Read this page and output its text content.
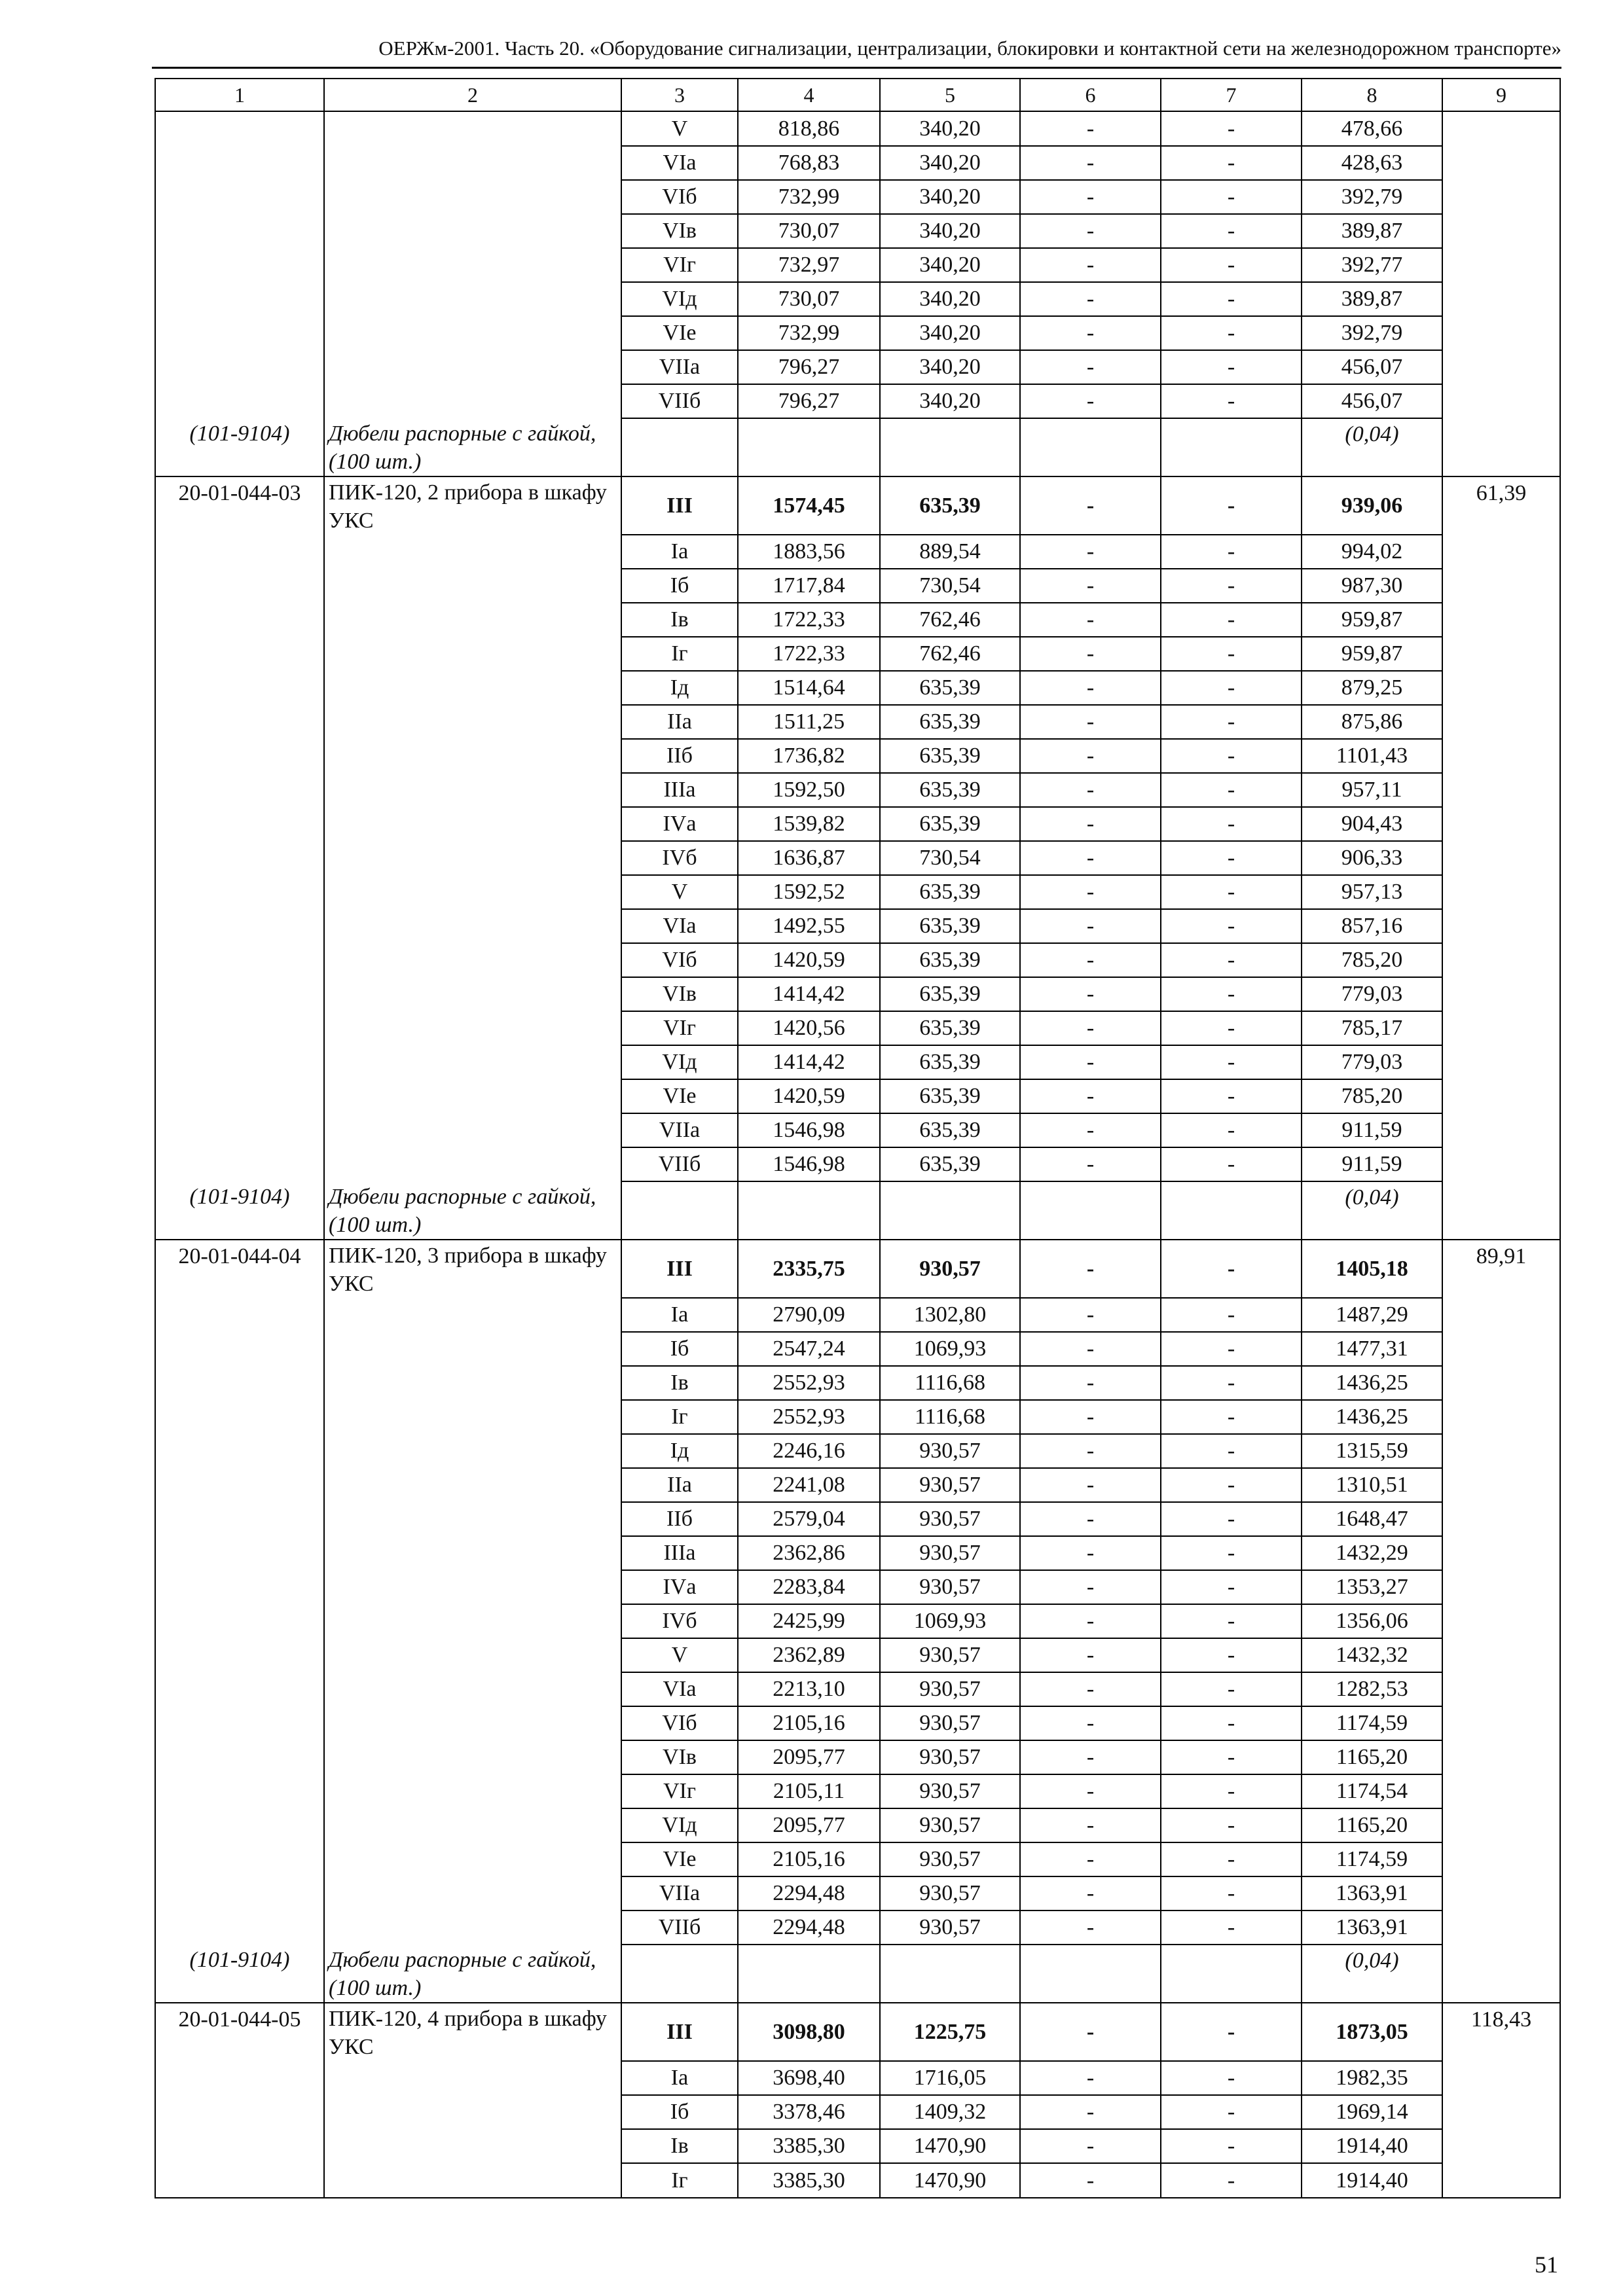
ОЕРЖм-2001. Часть 20. «Оборудование сигнализации, централизации, блокировки и контактной сети на железнодорожном транспорте»
1	2	3	4	5	6	7	8	9
		V	818,86	340,20	-	-	478,66	
		VIа	768,83	340,20	-	-	428,63	
		VIб	732,99	340,20	-	-	392,79	
		VIв	730,07	340,20	-	-	389,87	
		VIг	732,97	340,20	-	-	392,77	
		VIд	730,07	340,20	-	-	389,87	
		VIе	732,99	340,20	-	-	392,79	
		VIIа	796,27	340,20	-	-	456,07	
		VIIб	796,27	340,20	-	-	456,07	
(101-9104)	Дюбели распорные с гайкой, (100 шт.)						(0,04)	
20-01-044-03	ПИК-120, 2 прибора в шкафу УКС	III	1574,45	635,39	-	-	939,06	61,39
		Iа	1883,56	889,54	-	-	994,02	
		Iб	1717,84	730,54	-	-	987,30	
		Iв	1722,33	762,46	-	-	959,87	
		Iг	1722,33	762,46	-	-	959,87	
		Iд	1514,64	635,39	-	-	879,25	
		IIа	1511,25	635,39	-	-	875,86	
		IIб	1736,82	635,39	-	-	1101,43	
		IIIа	1592,50	635,39	-	-	957,11	
		IVа	1539,82	635,39	-	-	904,43	
		IVб	1636,87	730,54	-	-	906,33	
		V	1592,52	635,39	-	-	957,13	
		VIа	1492,55	635,39	-	-	857,16	
		VIб	1420,59	635,39	-	-	785,20	
		VIв	1414,42	635,39	-	-	779,03	
		VIг	1420,56	635,39	-	-	785,17	
		VIд	1414,42	635,39	-	-	779,03	
		VIе	1420,59	635,39	-	-	785,20	
		VIIа	1546,98	635,39	-	-	911,59	
		VIIб	1546,98	635,39	-	-	911,59	
(101-9104)	Дюбели распорные с гайкой, (100 шт.)						(0,04)	
20-01-044-04	ПИК-120, 3 прибора в шкафу УКС	III	2335,75	930,57	-	-	1405,18	89,91
		Iа	2790,09	1302,80	-	-	1487,29	
		Iб	2547,24	1069,93	-	-	1477,31	
		Iв	2552,93	1116,68	-	-	1436,25	
		Iг	2552,93	1116,68	-	-	1436,25	
		Iд	2246,16	930,57	-	-	1315,59	
		IIа	2241,08	930,57	-	-	1310,51	
		IIб	2579,04	930,57	-	-	1648,47	
		IIIа	2362,86	930,57	-	-	1432,29	
		IVа	2283,84	930,57	-	-	1353,27	
		IVб	2425,99	1069,93	-	-	1356,06	
		V	2362,89	930,57	-	-	1432,32	
		VIа	2213,10	930,57	-	-	1282,53	
		VIб	2105,16	930,57	-	-	1174,59	
		VIв	2095,77	930,57	-	-	1165,20	
		VIг	2105,11	930,57	-	-	1174,54	
		VIд	2095,77	930,57	-	-	1165,20	
		VIе	2105,16	930,57	-	-	1174,59	
		VIIа	2294,48	930,57	-	-	1363,91	
		VIIб	2294,48	930,57	-	-	1363,91	
(101-9104)	Дюбели распорные с гайкой, (100 шт.)						(0,04)	
20-01-044-05	ПИК-120, 4 прибора в шкафу УКС	III	3098,80	1225,75	-	-	1873,05	118,43
		Iа	3698,40	1716,05	-	-	1982,35	
		Iб	3378,46	1409,32	-	-	1969,14	
		Iв	3385,30	1470,90	-	-	1914,40	
		Iг	3385,30	1470,90	-	-	1914,40	
51
